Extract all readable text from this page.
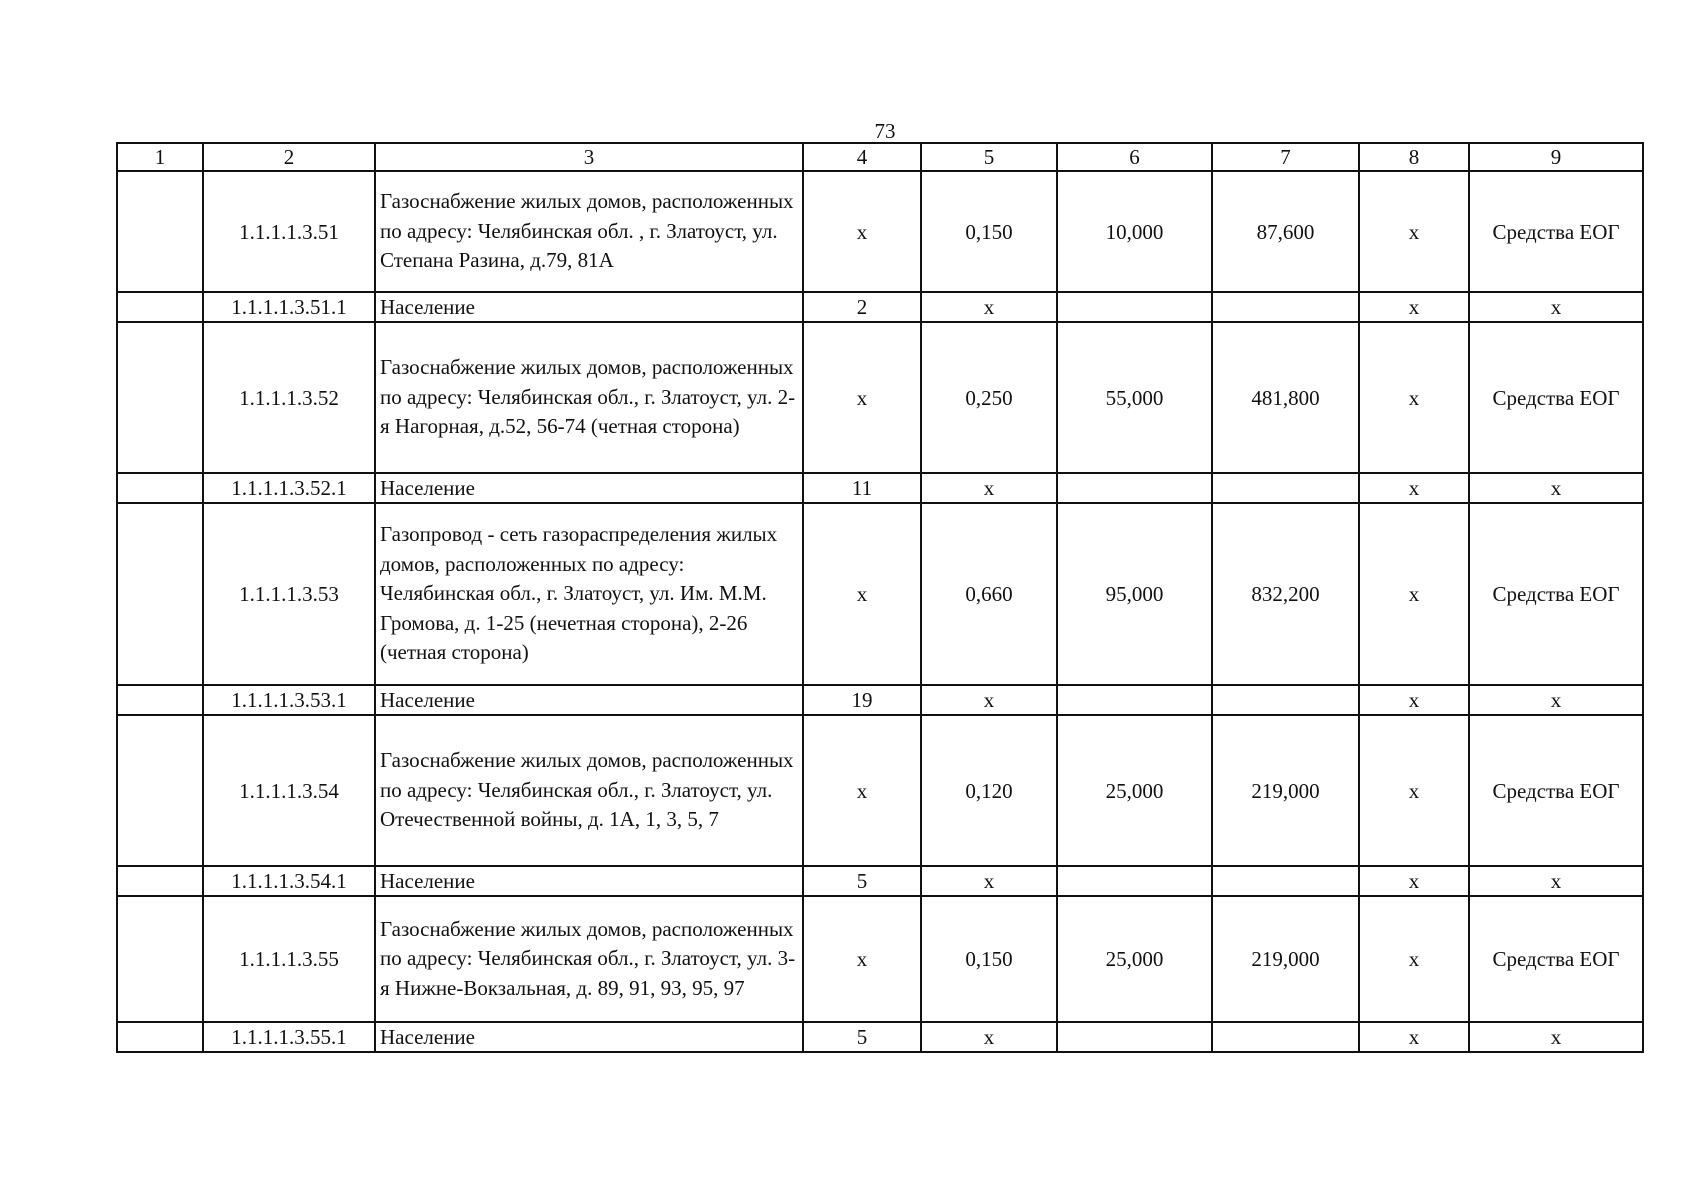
73
1	2	3	4	5	6	7	8	9
	1.1.1.1.3.51	Газоснабжение жилых домов, расположенных по адресу: Челябинская обл. , г. Златоуст, ул. Степана Разина, д.79, 81А	х	0,150	10,000	87,600	х	Средства ЕОГ
	1.1.1.1.3.51.1	Население	2	х			х	х
	1.1.1.1.3.52	Газоснабжение жилых домов, расположенных по адресу: Челябинская обл., г. Златоуст, ул. 2-я Нагорная, д.52, 56-74 (четная сторона)	х	0,250	55,000	481,800	х	Средства ЕОГ
	1.1.1.1.3.52.1	Население	11	х			х	х
	1.1.1.1.3.53	Газопровод - сеть газораспределения жилых домов, расположенных по адресу: Челябинская обл., г. Златоуст, ул. Им. М.М. Громова, д. 1-25 (нечетная сторона), 2-26 (четная сторона)	х	0,660	95,000	832,200	х	Средства ЕОГ
	1.1.1.1.3.53.1	Население	19	х			х	х
	1.1.1.1.3.54	Газоснабжение жилых домов, расположенных по адресу: Челябинская обл., г. Златоуст, ул. Отечественной войны, д. 1А, 1, 3, 5, 7	х	0,120	25,000	219,000	х	Средства ЕОГ
	1.1.1.1.3.54.1	Население	5	х			х	х
	1.1.1.1.3.55	Газоснабжение жилых домов, расположенных по адресу: Челябинская обл., г. Златоуст, ул. 3-я Нижне-Вокзальная, д. 89, 91, 93, 95, 97	х	0,150	25,000	219,000	х	Средства ЕОГ
	1.1.1.1.3.55.1	Население	5	х			х	х
